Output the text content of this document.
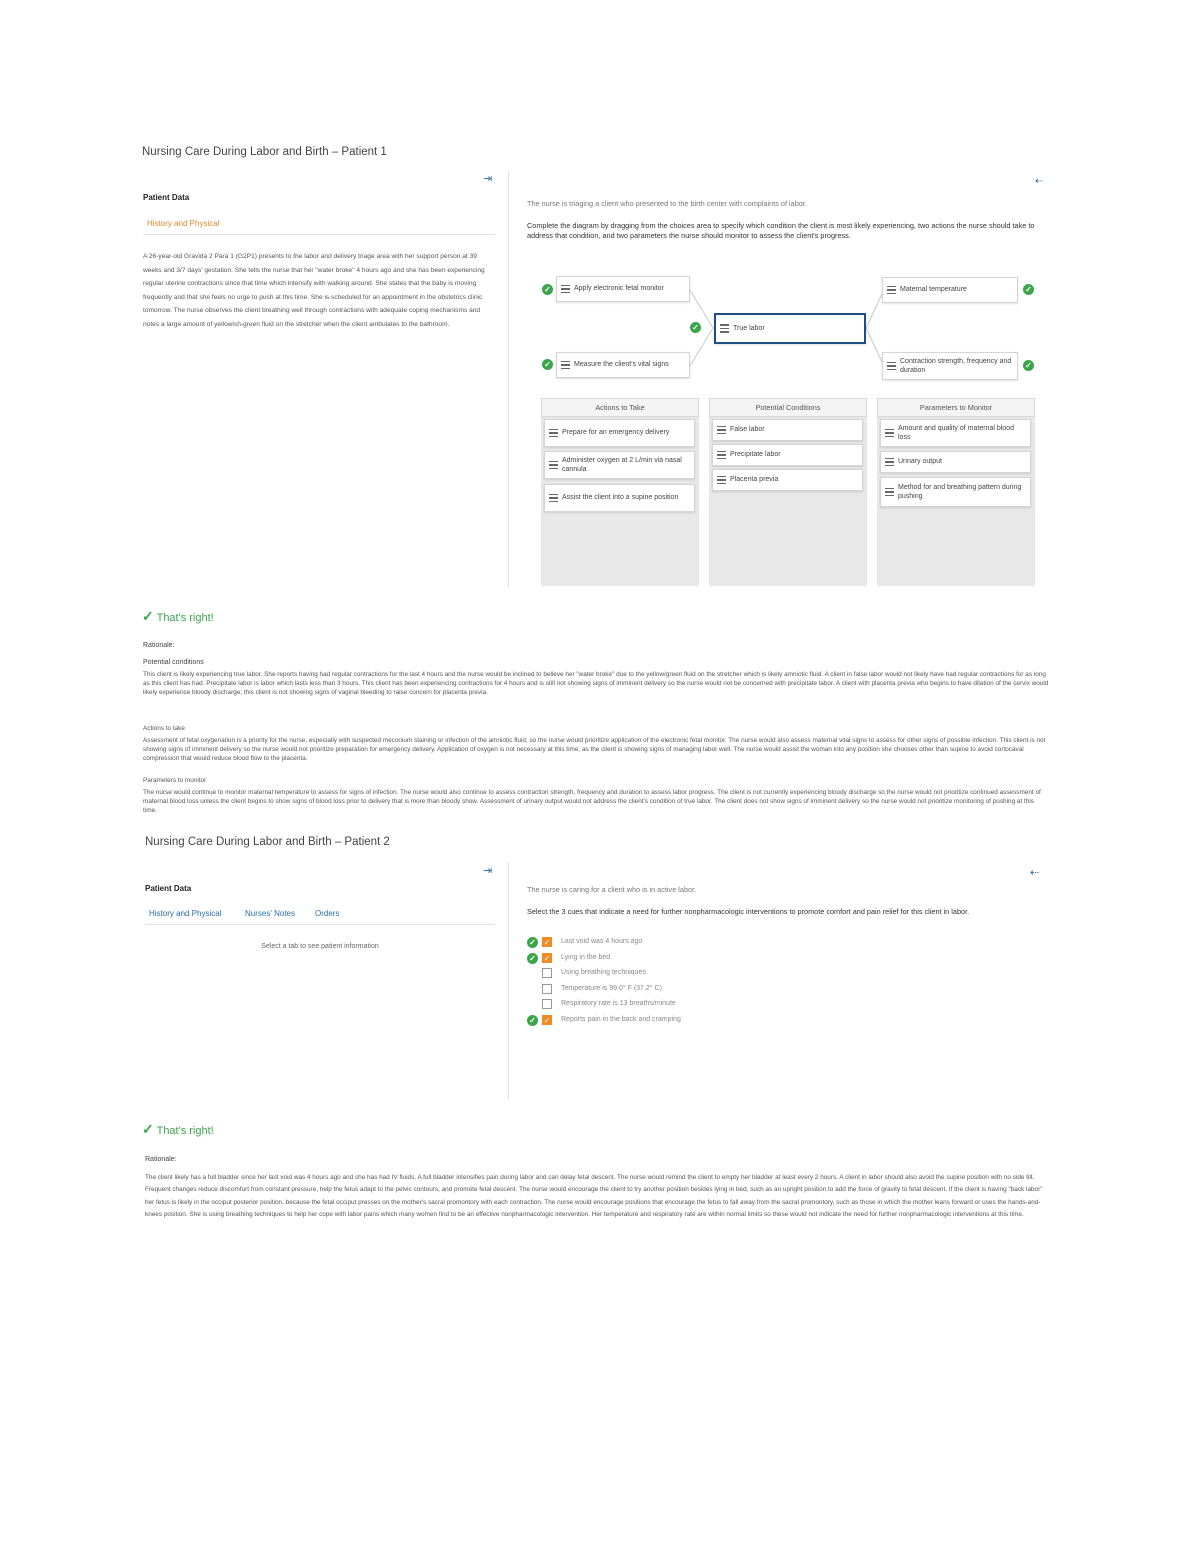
Nursing Care During Labor and Birth – Patient 1
⇥	⇠
Patient Data
History and Physical
A 26-year-old Gravida 2 Para 1 (G2P1) presents to the labor and delivery triage area with her support person at 39 weeks and 3/7 days' gestation. She tells the nurse that her "water broke" 4 hours ago and she has been experiencing regular uterine contractions since that time which intensify with walking around. She states that the baby is moving frequently and that she feels no urge to push at this time. She is scheduled for an appointment in the obstetrics clinic tomorrow. The nurse observes the client breathing well through contractions with adequate coping mechanisms and notes a large amount of yellowish-green fluid on the stretcher when the client ambulates to the bathroom.
The nurse is triaging a client who presented to the birth center with complaints of labor.
Complete the diagram by dragging from the choices area to specify which condition the client is most likely experiencing, two actions the nurse should take to address that condition, and two parameters the nurse should monitor to assess the client's progress.
✓	Apply electronic fetal monitor
✓	Measure the client's vital signs
✓	True labor
Maternal temperature	✓
Contraction strength, frequency and duration
✓
Actions to Take
Prepare for an emergency delivery
Administer oxygen at 2 L/min via nasal cannula
Assist the client into a supine position
Potential Conditions
False labor
Precipitate labor
Placenta previa
Parameters to Monitor
Amount and quality of maternal blood loss
Urinary output
Method for and breathing pattern during pushing
✓ That's right!
Rationale:
Potential conditions
This client is likely experiencing true labor. She reports having had regular contractions for the last 4 hours and the nurse would be inclined to believe her "water broke" due to the yellow/green fluid on the stretcher which is likely amniotic fluid. A client in false labor would not likely have had regular contractions for as long as this client has had. Precipitate labor is labor which lasts less than 3 hours. This client has been experiencing contractions for 4 hours and is still not showing signs of imminent delivery so the nurse would not be concerned with precipitate labor. A client with placenta previa who begins to have dilation of the cervix would likely experience bloody discharge; this client is not showing signs of vaginal bleeding to raise concern for placenta previa.
Actions to take
Assessment of fetal oxygenation is a priority for the nurse, especially with suspected meconium staining or infection of the amniotic fluid, so the nurse would prioritize application of the electronic fetal monitor. The nurse would also assess maternal vital signs to assess for other signs of possible infection. This client is not showing signs of imminent delivery so the nurse would not prioritize preparation for emergency delivery. Application of oxygen is not necessary at this time, as the client is showing signs of managing labor well. The nurse would assist the woman into any position she chooses other than supine to avoid cortocaval compression that would reduce blood flow to the placenta.
Parameters to monitor
The nurse would continue to monitor maternal temperature to assess for signs of infection. The nurse would also continue to assess contraction strength, frequency and duration to assess labor progress. The client is not currently experiencing bloody discharge so the nurse would not prioritize continued assessment of maternal blood loss unless the client begins to show signs of blood loss prior to delivery that is more than bloody show. Assessment of urinary output would not address the client's condition of true labor. The client does not show signs of imminent delivery so the nurse would not prioritize monitoring of pushing at this time.
Nursing Care During Labor and Birth – Patient 2
⇥	⇠
Patient Data
History and Physical	Nurses' Notes	Orders
Select a tab to see patient information
The nurse is caring for a client who is in active labor.
Select the 3 cues that indicate a need for further nonpharmacologic interventions to promote comfort and pain relief for this client in labor.
✓ ✓ Last void was 4 hours ago
✓ ✓ Lying in the bed
Using breathing techniques
Temperature is 99.0° F (37.2° C)
Respiratory rate is 13 breaths/minute
✓ ✓ Reports pain in the back and cramping
✓ That's right!
Rationale:
The client likely has a full bladder since her last void was 4 hours ago and she has had IV fluids. A full bladder intensifies pain during labor and can delay fetal descent. The nurse would remind the client to empty her bladder at least every 2 hours. A client in labor should also avoid the supine position with no side tilt. Frequent changes reduce discomfort from constant pressure, help the fetus adapt to the pelvic contours, and promote fetal descent. The nurse would encourage the client to try another position besides lying in bed, such as an upright position to add the force of gravity to fetal descent. If the client is having "back labor" her fetus is likely in the occiput posterior position, because the fetal occiput presses on the mother's sacral promontory with each contraction. The nurse would encourage positions that encourage the fetus to fall away from the sacral promontory, such as those in which the mother leans forward or uses the hands-and-knees position. She is using breathing techniques to help her cope with labor pains which many women find to be an effective nonpharmacologic intervention. Her temperature and respiratory rate are within normal limits so these would not indicate the need for further nonpharmacologic interventions at this time.
